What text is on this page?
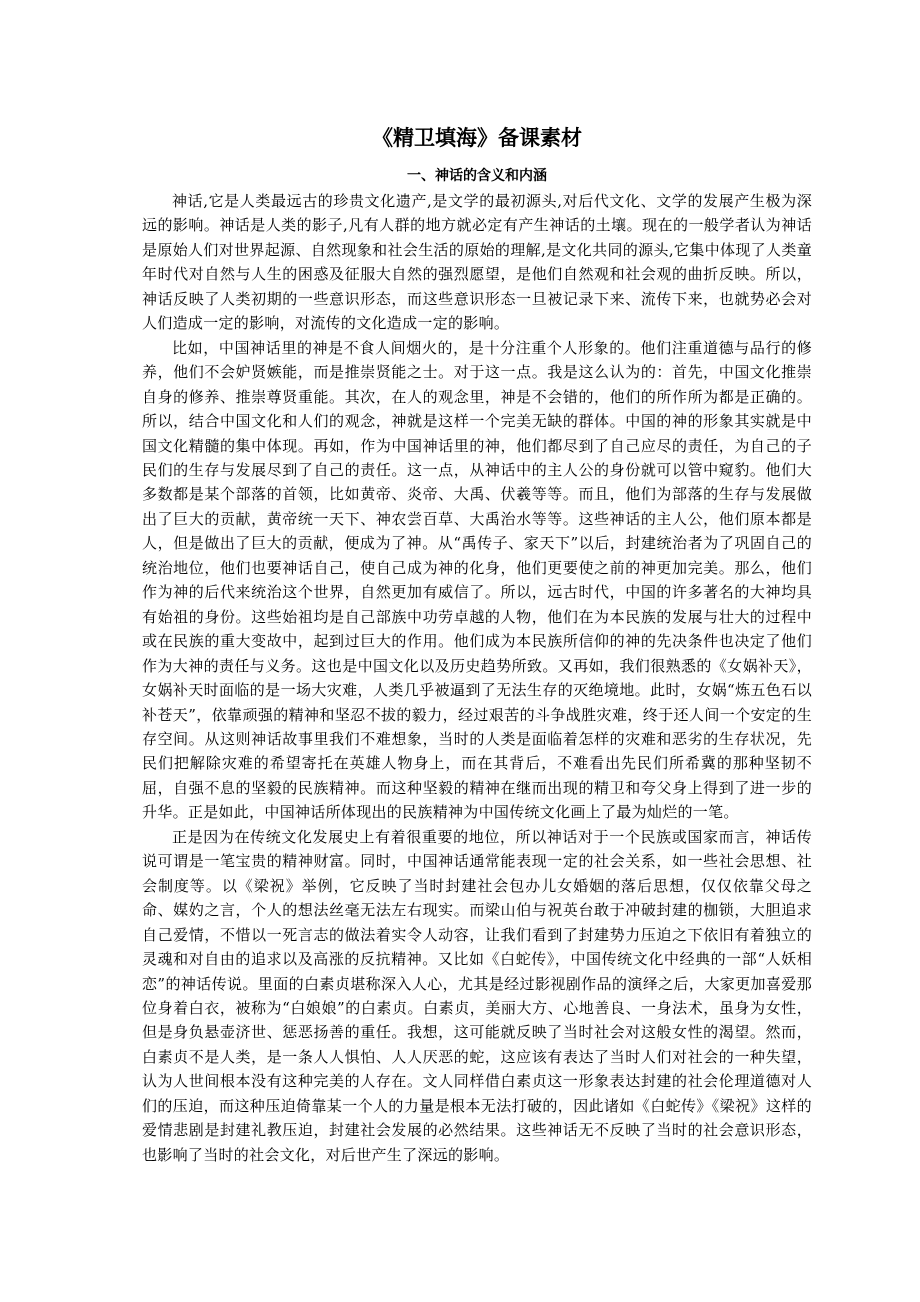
《精卫填海》备课素材
一、神话的含义和内涵

神话,它是人类最远古的珍贵文化遗产,是文学的最初源头,对后代文化、文学的发展产生极为深远的影响。神话是人类的影子,凡有人群的地方就必定有产生神话的土壤。现在的一般学者认为神话是原始人们对世界起源、自然现象和社会生活的原始的理解,是文化共同的源头,它集中体现了人类童年时代对自然与人生的困惑及征服大自然的强烈愿望，是他们自然观和社会观的曲折反映。所以，神话反映了人类初期的一些意识形态，而这些意识形态一旦被记录下来、流传下来，也就势必会对人们造成一定的影响，对流传的文化造成一定的影响。

比如，中国神话里的神是不食人间烟火的，是十分注重个人形象的。他们注重道德与品行的修养，他们不会妒贤嫉能，而是推崇贤能之士。对于这一点。我是这么认为的：首先，中国文化推崇自身的修养、推崇尊贤重能。其次，在人的观念里，神是不会错的，他们的所作所为都是正确的。所以，结合中国文化和人们的观念，神就是这样一个完美无缺的群体。中国的神的形象其实就是中国文化精髓的集中体现。再如，作为中国神话里的神，他们都尽到了自己应尽的责任，为自己的子民们的生存与发展尽到了自己的责任。这一点，从神话中的主人公的身份就可以管中窥豹。他们大多数都是某个部落的首领，比如黄帝、炎帝、大禹、伏羲等等。而且，他们为部落的生存与发展做出了巨大的贡献，黄帝统一天下、神农尝百草、大禹治水等等。这些神话的主人公，他们原本都是人，但是做出了巨大的贡献，便成为了神。从“禹传子、家天下”以后，封建统治者为了巩固自己的统治地位，他们也要神话自己，使自己成为神的化身，他们更要使之前的神更加完美。那么，他们作为神的后代来统治这个世界，自然更加有威信了。所以，远古时代，中国的许多著名的大神均具有始祖的身份。这些始祖均是自己部族中功劳卓越的人物，他们在为本民族的发展与壮大的过程中或在民族的重大变故中，起到过巨大的作用。他们成为本民族所信仰的神的先决条件也决定了他们作为大神的责任与义务。这也是中国文化以及历史趋势所致。又再如，我们很熟悉的《女娲补天》，女娲补天时面临的是一场大灾难，人类几乎被逼到了无法生存的灭绝境地。此时，女娲“炼五色石以补苍天”，依靠顽强的精神和坚忍不拔的毅力，经过艰苦的斗争战胜灾难，终于还人间一个安定的生存空间。从这则神话故事里我们不难想象，当时的人类是面临着怎样的灾难和恶劣的生存状况，先民们把解除灾难的希望寄托在英雄人物身上，而在其背后，不难看出先民们所希冀的那种坚韧不屈，自强不息的坚毅的民族精神。而这种坚毅的精神在继而出现的精卫和夸父身上得到了进一步的升华。正是如此，中国神话所体现出的民族精神为中国传统文化画上了最为灿烂的一笔。

正是因为在传统文化发展史上有着很重要的地位，所以神话对于一个民族或国家而言，神话传说可谓是一笔宝贵的精神财富。同时，中国神话通常能表现一定的社会关系，如一些社会思想、社会制度等。以《梁祝》举例，它反映了当时封建社会包办儿女婚姻的落后思想，仅仅依靠父母之命、媒妁之言，个人的想法丝毫无法左右现实。而梁山伯与祝英台敢于冲破封建的枷锁，大胆追求自己爱情，不惜以一死言志的做法着实令人动容，让我们看到了封建势力压迫之下依旧有着独立的灵魂和对自由的追求以及高涨的反抗精神。又比如《白蛇传》，中国传统文化中经典的一部“人妖相恋”的神话传说。里面的白素贞堪称深入人心，尤其是经过影视剧作品的演绎之后，大家更加喜爱那位身着白衣，被称为“白娘娘”的白素贞。白素贞，美丽大方、心地善良、一身法术，虽身为女性，但是身负悬壶济世、惩恶扬善的重任。我想，这可能就反映了当时社会对这般女性的渴望。然而，白素贞不是人类，是一条人人惧怕、人人厌恶的蛇，这应该有表达了当时人们对社会的一种失望，认为人世间根本没有这种完美的人存在。文人同样借白素贞这一形象表达封建的社会伦理道德对人们的压迫，而这种压迫倚靠某一个人的力量是根本无法打破的，因此诸如《白蛇传》《梁祝》这样的爱情悲剧是封建礼教压迫，封建社会发展的必然结果。这些神话无不反映了当时的社会意识形态，也影响了当时的社会文化，对后世产生了深远的影响。
